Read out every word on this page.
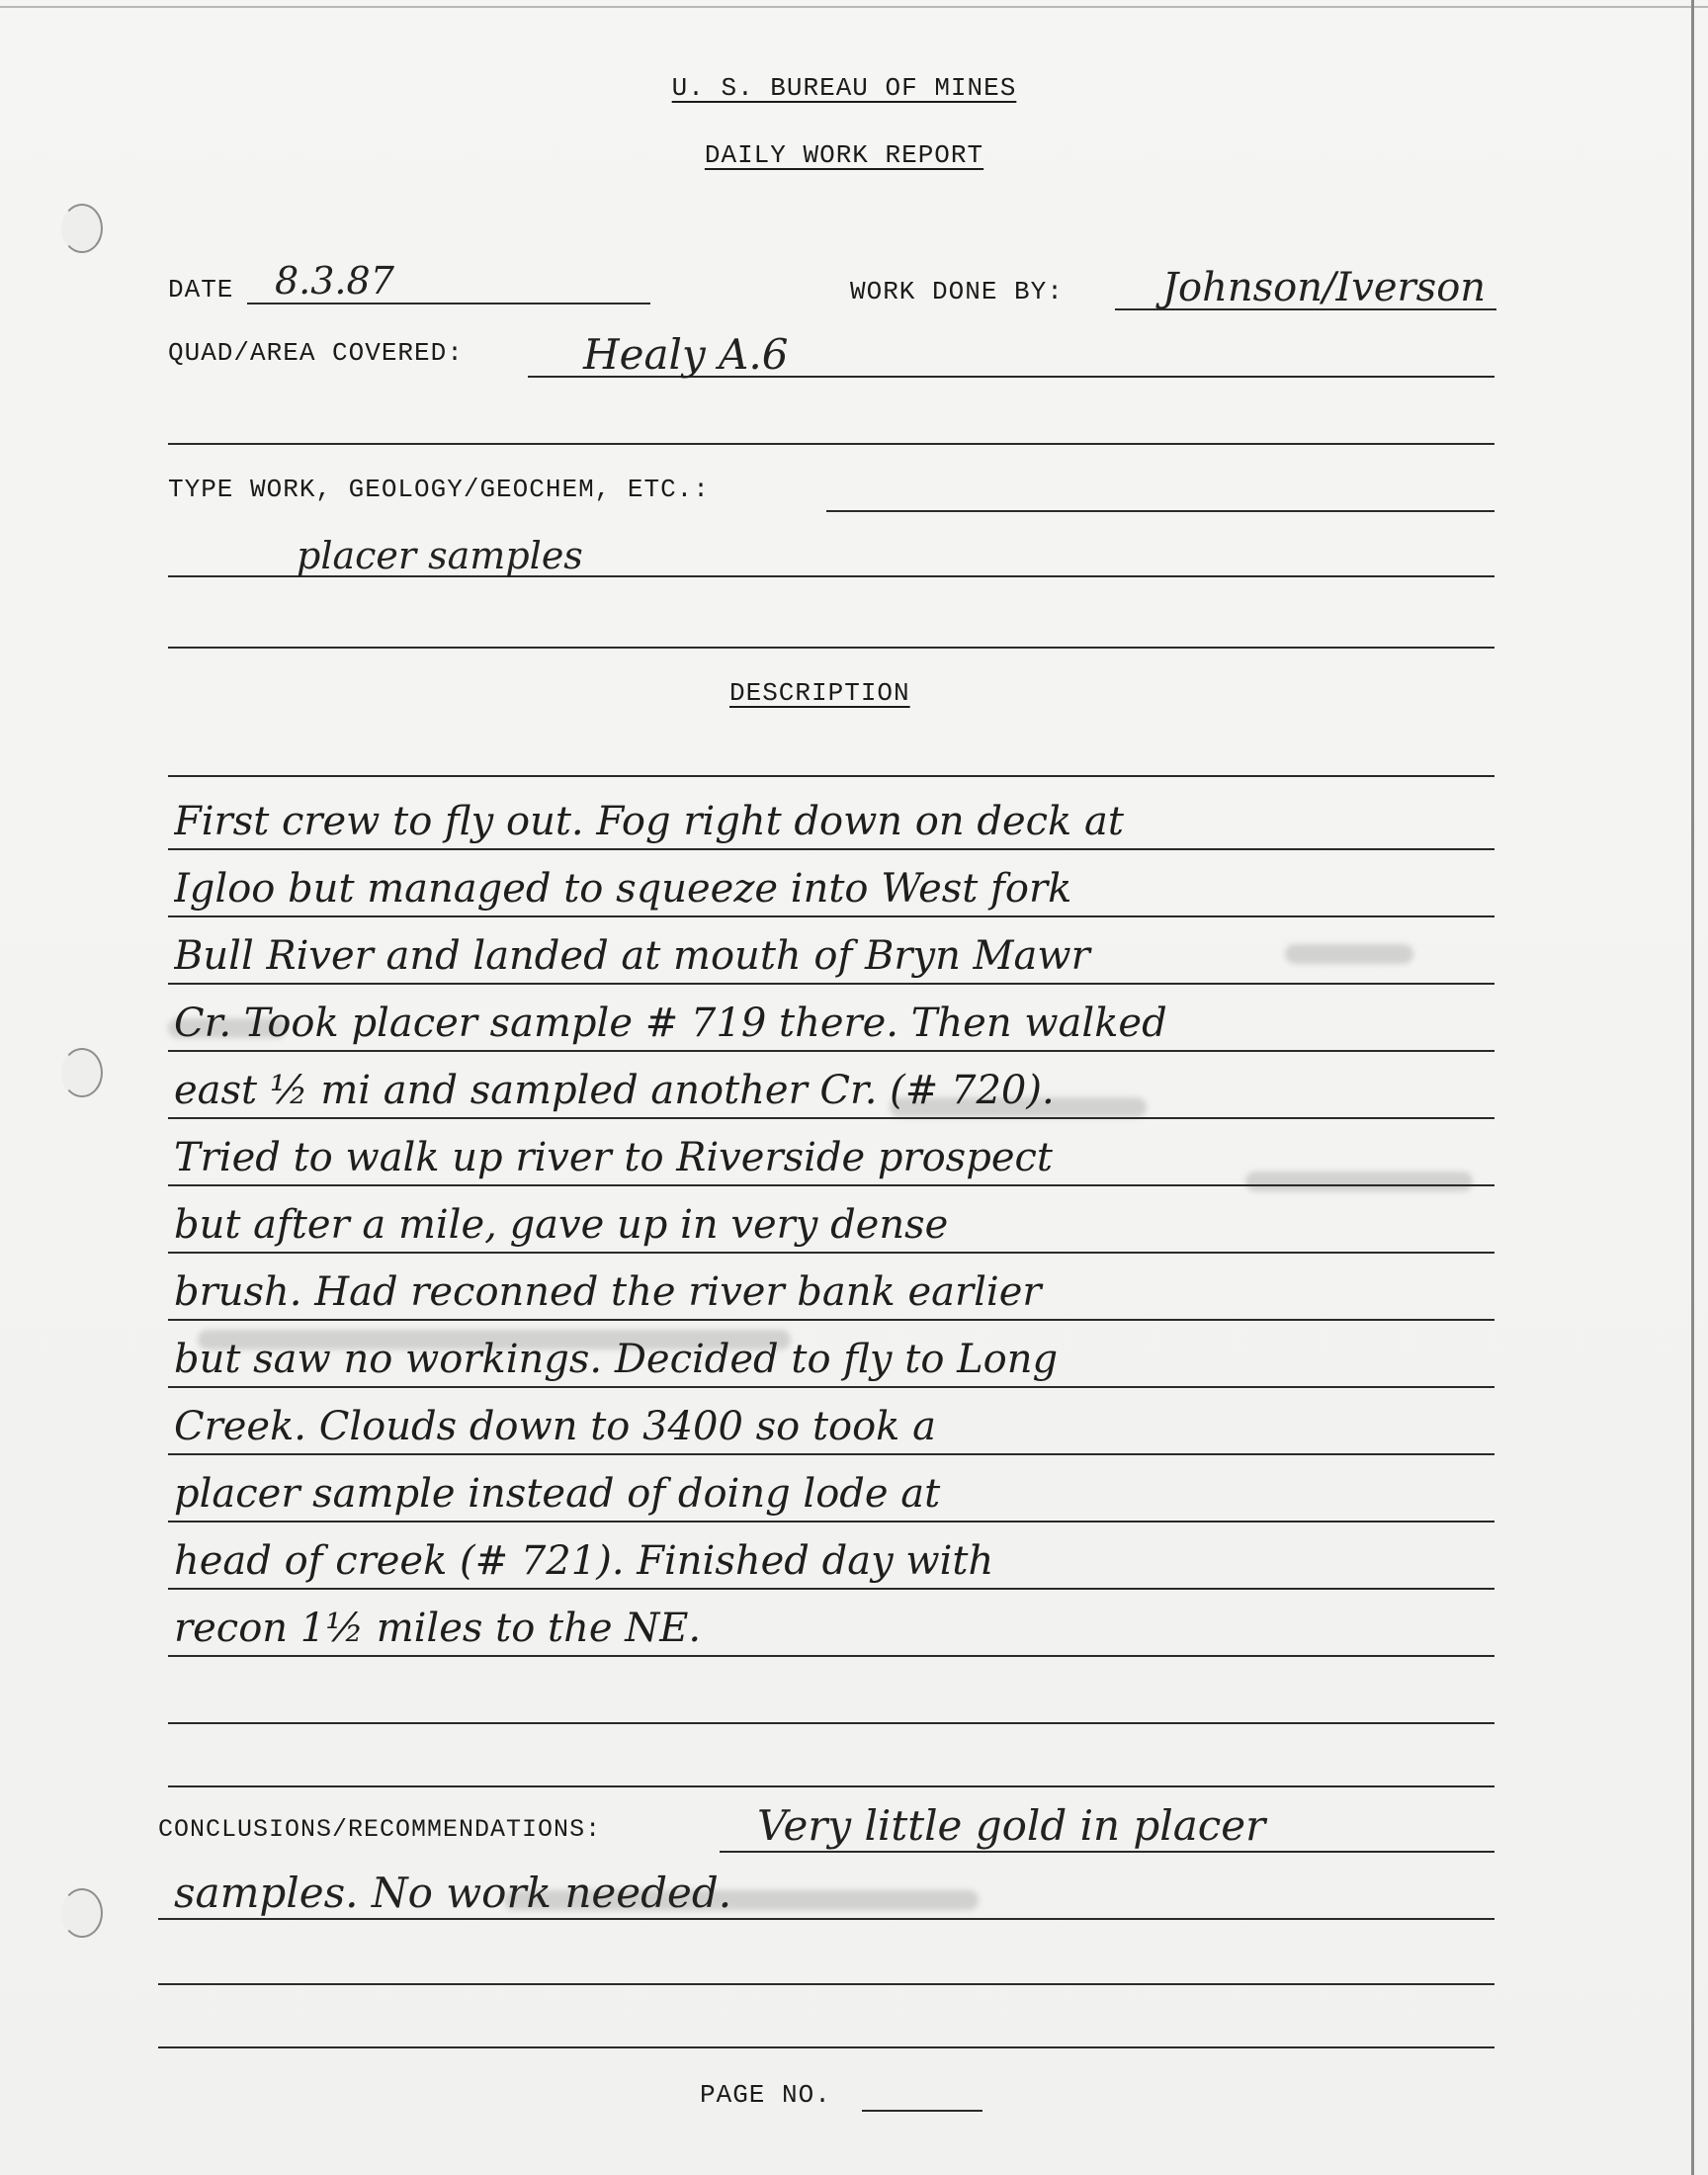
U. S. BUREAU OF MINES
DAILY WORK REPORT
DATE 8.3.87	WORK DONE BY:	Johnson/Iverson
QUAD/AREA COVERED:	Healy A.6
TYPE WORK, GEOLOGY/GEOCHEM, ETC.:
placer samples
DESCRIPTION
First crew to fly out. Fog right down on deck at
Igloo but managed to squeeze into West fork
Bull River and landed at mouth of Bryn Mawr
Cr. Took placer sample # 719 there. Then walked
east ½ mi and sampled another Cr. (# 720).
Tried to walk up river to Riverside prospect
but after a mile, gave up in very dense
brush. Had reconned the river bank earlier
but saw no workings. Decided to fly to Long
Creek. Clouds down to 3400 so took a
placer sample instead of doing lode at
head of creek (# 721). Finished day with
recon 1½ miles to the NE.
CONCLUSIONS/RECOMMENDATIONS:	Very little gold in placer
samples. No work needed.
PAGE NO.
